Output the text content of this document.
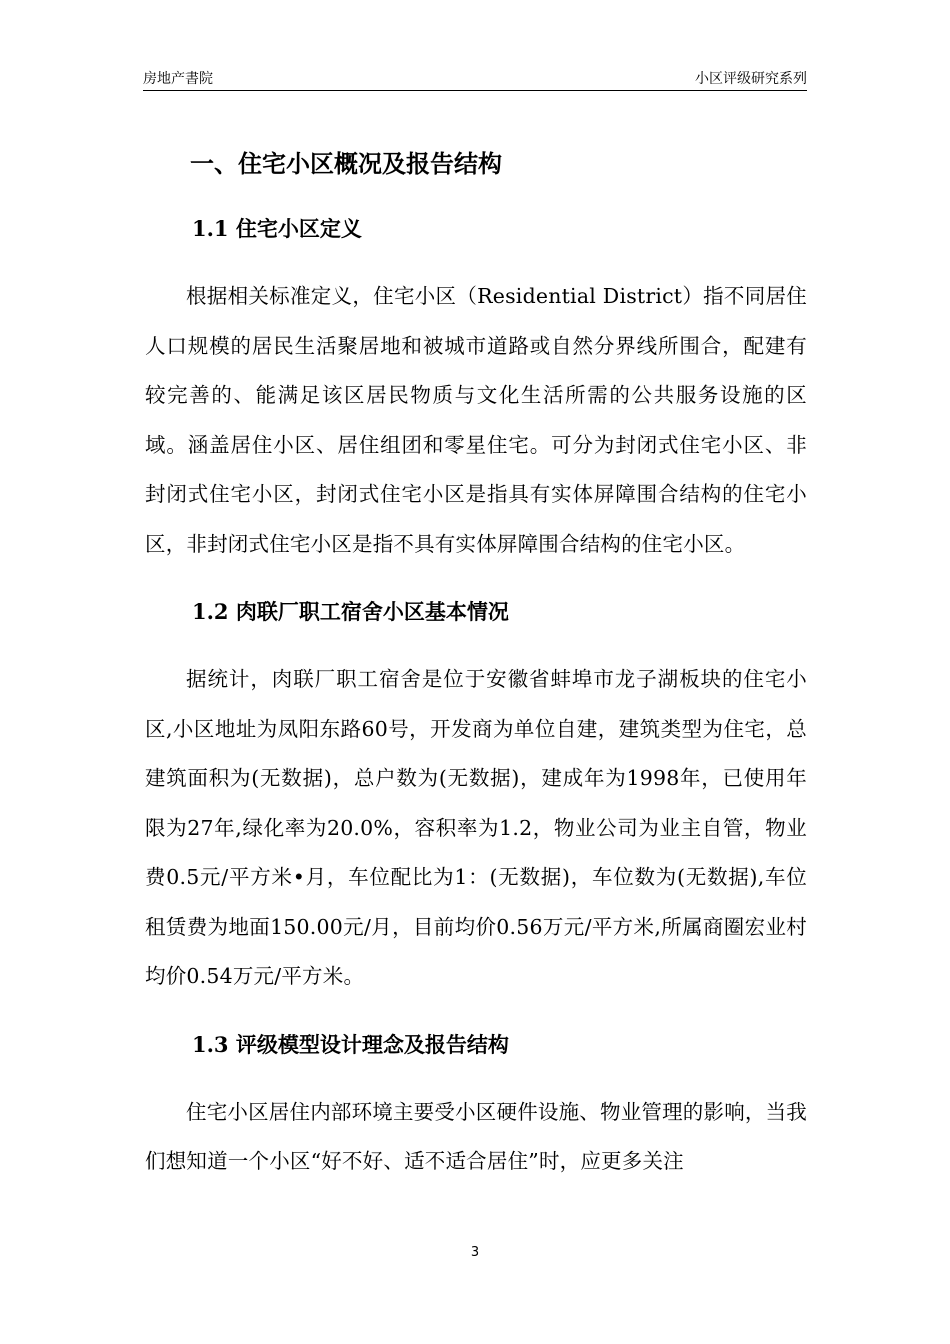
房地产書院	小区评级研究系列
一、住宅小区概况及报告结构
1.1 住宅小区定义

根据相关标准定义，住宅小区（Residential District）指不同居住人口规模的居民生活聚居地和被城市道路或自然分界线所围合，配建有较完善的、能满足该区居民物质与文化生活所需的公共服务设施的区域。涵盖居住小区、居住组团和零星住宅。可分为封闭式住宅小区、非封闭式住宅小区，封闭式住宅小区是指具有实体屏障围合结构的住宅小区，非封闭式住宅小区是指不具有实体屏障围合结构的住宅小区。

1.2 肉联厂职工宿舍小区基本情况

据统计，肉联厂职工宿舍是位于安徽省蚌埠市龙子湖板块的住宅小区,小区地址为凤阳东路60号，开发商为单位自建，建筑类型为住宅，总建筑面积为(无数据)，总户数为(无数据)，建成年为1998年，已使用年限为27年,绿化率为20.0%，容积率为1.2，物业公司为业主自管，物业费0.5元/平方米•月，车位配比为1：(无数据)，车位数为(无数据),车位租赁费为地面150.00元/月，目前均价0.56万元/平方米,所属商圈宏业村均价0.54万元/平方米。

1.3 评级模型设计理念及报告结构

住宅小区居住内部环境主要受小区硬件设施、物业管理的影响，当我们想知道一个小区“好不好、适不适合居住”时，应更多关注

3
